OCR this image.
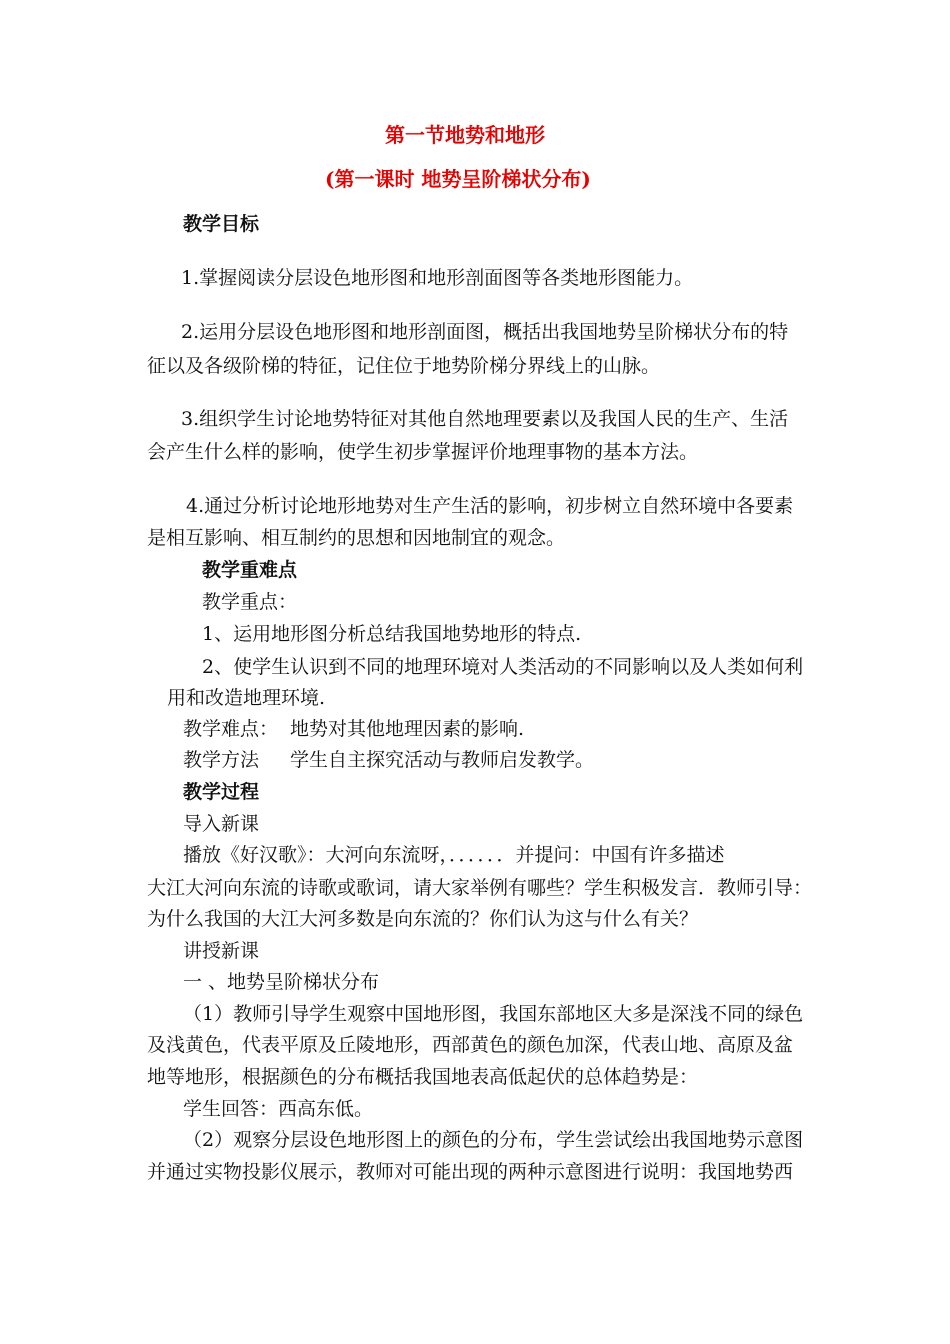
第一节地势和地形
(第一课时 地势呈阶梯状分布)
教学目标
1.掌握阅读分层设色地形图和地形剖面图等各类地形图能力。
2.运用分层设色地形图和地形剖面图，概括出我国地势呈阶梯状分布的特
征以及各级阶梯的特征，记住位于地势阶梯分界线上的山脉。
3.组织学生讨论地势特征对其他自然地理要素以及我国人民的生产、生活
会产生什么样的影响，使学生初步掌握评价地理事物的基本方法。
4.通过分析讨论地形地势对生产生活的影响，初步树立自然环境中各要素
是相互影响、相互制约的思想和因地制宜的观念。
教学重难点
教学重点：
1、运用地形图分析总结我国地势地形的特点.
2、使学生认识到不同的地理环境对人类活动的不同影响以及人类如何利
用和改造地理环境.
教学难点： 地势对其他地理因素的影响.
教学方法 学生自主探究活动与教师启发教学。
教学过程
导入新课
播放《好汉歌》：大河向东流呀，．．．．．．并提问：中国有许多描述
大江大河向东流的诗歌或歌词，请大家举例有哪些？学生积极发言．教师引导：
为什么我国的大江大河多数是向东流的？你们认为这与什么有关？
讲授新课
一 、地势呈阶梯状分布
（1）教师引导学生观察中国地形图，我国东部地区大多是深浅不同的绿色
及浅黄色，代表平原及丘陵地形，西部黄色的颜色加深，代表山地、高原及盆
地等地形，根据颜色的分布概括我国地表高低起伏的总体趋势是：
学生回答：西高东低。
（2）观察分层设色地形图上的颜色的分布，学生尝试绘出我国地势示意图
并通过实物投影仪展示，教师对可能出现的两种示意图进行说明：我国地势西
